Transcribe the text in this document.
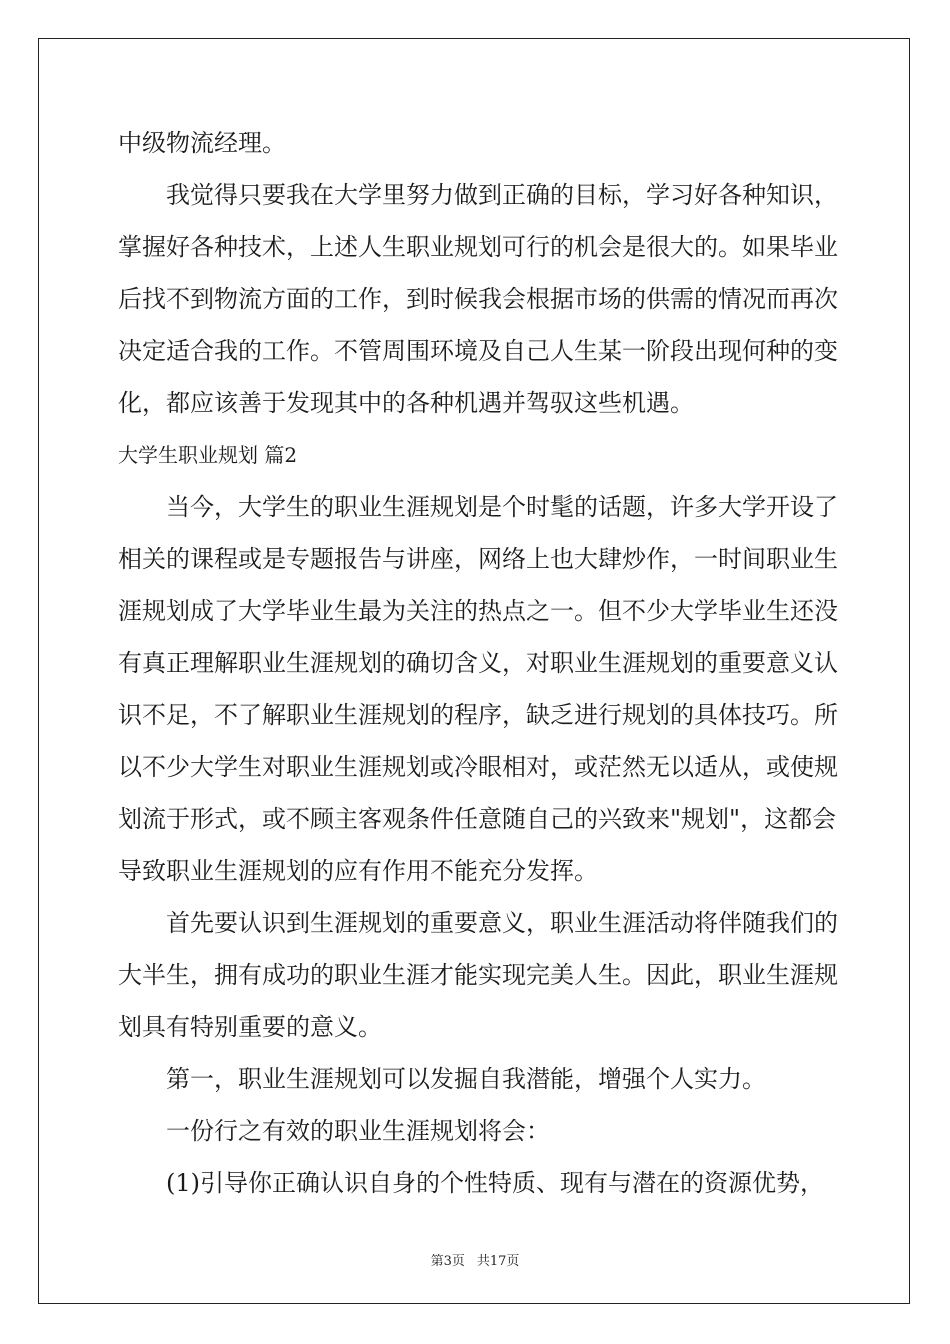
中级物流经理。
　　我觉得只要我在大学里努力做到正确的目标，学习好各种知识，
掌握好各种技术，上述人生职业规划可行的机会是很大的。如果毕业
后找不到物流方面的工作，到时候我会根据市场的供需的情况而再次
决定适合我的工作。不管周围环境及自己人生某一阶段出现何种的变
化，都应该善于发现其中的各种机遇并驾驭这些机遇。
大学生职业规划 篇2
　　当今，大学生的职业生涯规划是个时髦的话题，许多大学开设了
相关的课程或是专题报告与讲座，网络上也大肆炒作，一时间职业生
涯规划成了大学毕业生最为关注的热点之一。但不少大学毕业生还没
有真正理解职业生涯规划的确切含义，对职业生涯规划的重要意义认
识不足，不了解职业生涯规划的程序，缺乏进行规划的具体技巧。所
以不少大学生对职业生涯规划或冷眼相对，或茫然无以适从，或使规
划流于形式，或不顾主客观条件任意随自己的兴致来"规划"，这都会
导致职业生涯规划的应有作用不能充分发挥。
　　首先要认识到生涯规划的重要意义，职业生涯活动将伴随我们的
大半生，拥有成功的职业生涯才能实现完美人生。因此，职业生涯规
划具有特别重要的意义。
　　第一，职业生涯规划可以发掘自我潜能，增强个人实力。
　　一份行之有效的职业生涯规划将会：
　　(1)引导你正确认识自身的个性特质、现有与潜在的资源优势，
第3页 共17页
